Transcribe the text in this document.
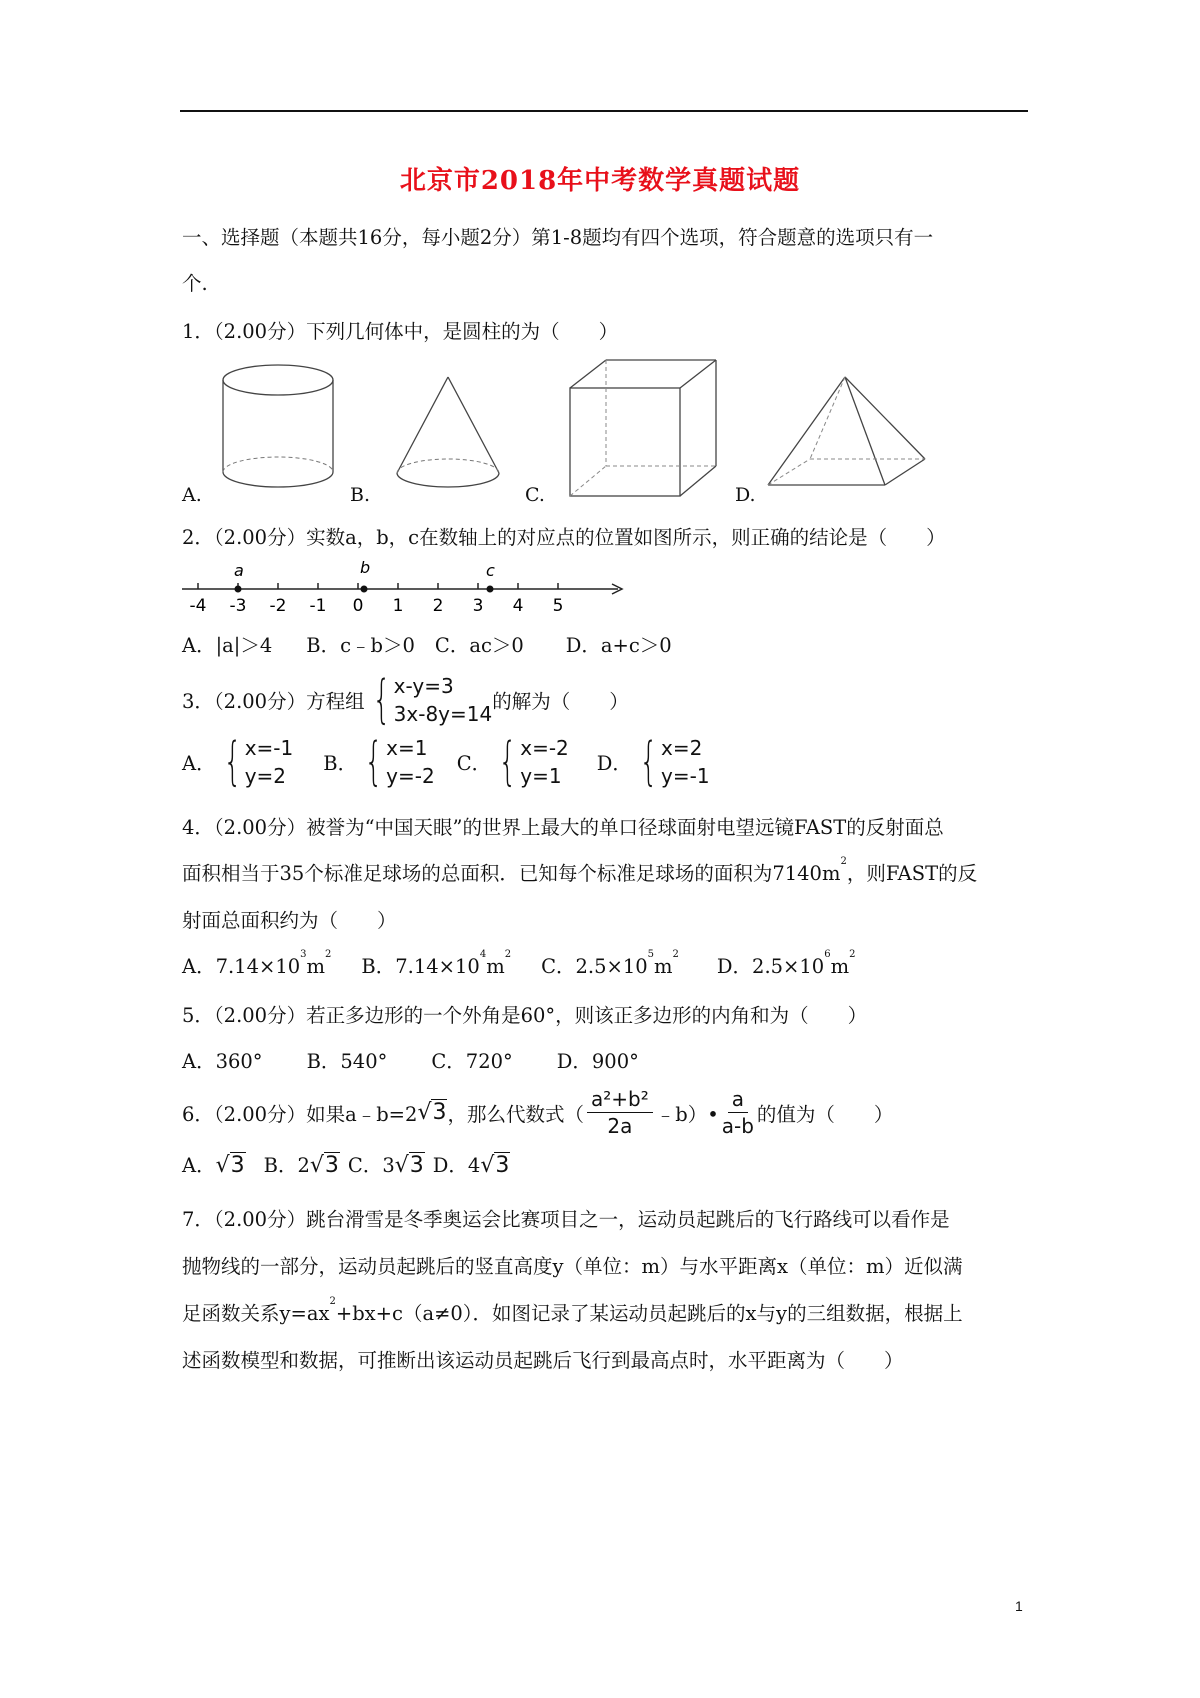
北京市2018年中考数学真题试题
一、选择题（本题共16分，每小题2分）第1-8题均有四个选项，符合题意的选项只有一
个.
1．（2.00分）下列几何体中，是圆柱的为（　　）
A.	B.	C.	D.
2．（2.00分）实数a，b，c在数轴上的对应点的位置如图所示，则正确的结论是（　　）
-4 -3 -2 -1 0 1 2 3 4 5
a	b	c
A．|a|＞4 B．c﹣b＞0 C．ac＞0 D．a+c＞0
3．（2.00分）方程组 { x-y=3
3x-8y=14
的解为（　　）
A． { x=-1
y=2
B． { x=1
y=-2
C． { x=-2
y=1
D． { x=2
y=-1
4．（2.00分）被誉为“中国天眼”的世界上最大的单口径球面射电望远镜FAST的反射面总
面积相当于35个标准足球场的总面积．已知每个标准足球场的面积为$7140m^2$，则FAST的反
射面总面积约为（　　）
A．$7.14\times 10^3m^2$
B．$7.14\times 10^4m^2$
C．$2.5\times 10^5m^2$
D．$2.5\times 10^6m^2$
5．（2.00分）若正多边形的一个外角是60°，则该正多边形的内角和为（　　）
A．360° B．540° C．720° D．900°
6．（2.00分）如果a﹣b=2 √3 ，那么代数式（ $\frac{\text{a²+b²}}{2a}$ ﹣b）• $\frac{a}{a-b}$ 的值为（　　）
A．√3 B．2√3 C．3√3 D．4√3
7．（2.00分）跳台滑雪是冬季奥运会比赛项目之一，运动员起跳后的飞行路线可以看作是
抛物线的一部分，运动员起跳后的竖直高度y（单位：m）与水平距离x（单位：m）近似满
足函数关系$y=ax^2+bx+c(a\ne 0)$．如图记录了某运动员起跳后的x与y的三组数据，根据上
述函数模型和数据，可推断出该运动员起跳后飞行到最高点时，水平距离为（　　）
1
